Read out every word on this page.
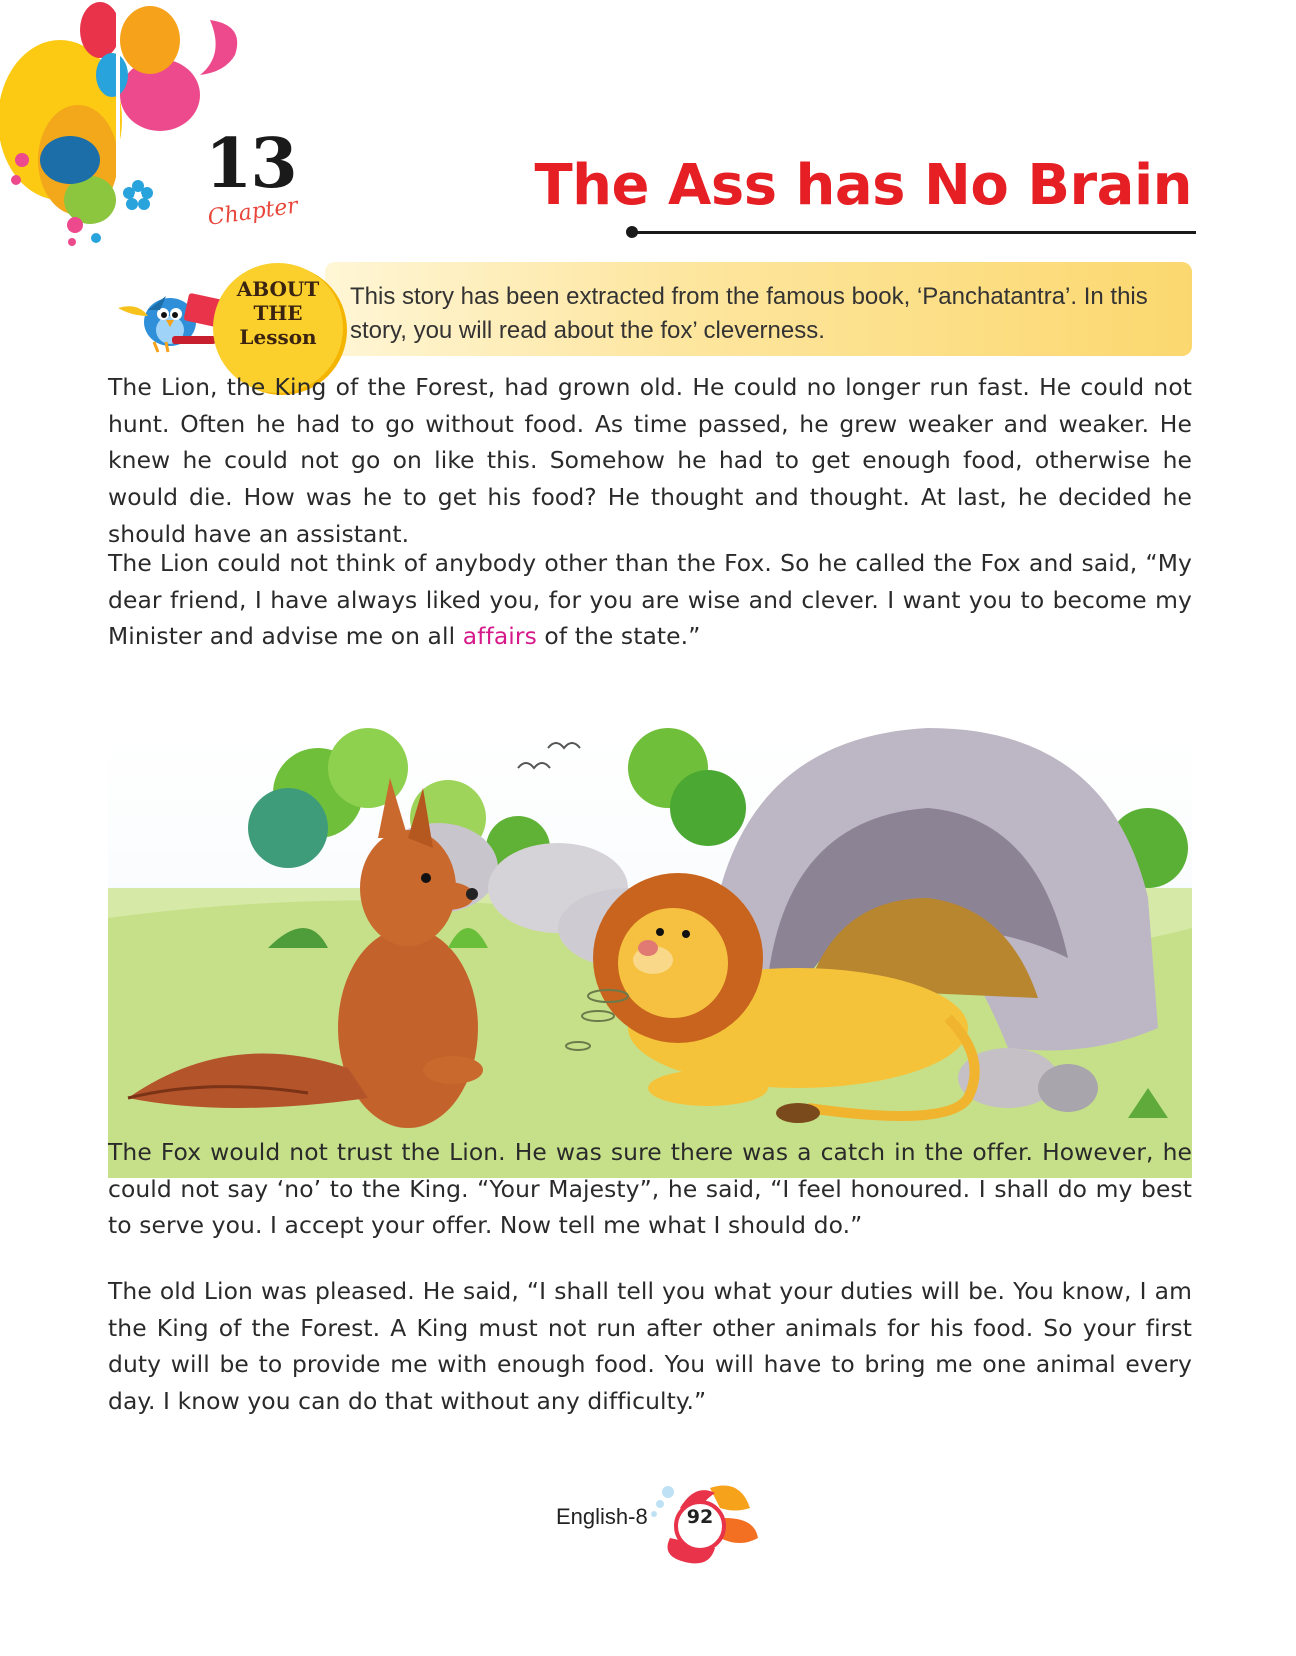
13
Chapter	The Ass has No Brain
ABOUT
THE
Lesson
This story has been extracted from the famous book, ‘Panchatantra’. In this story, you will read about the fox’ cleverness.
The Lion, the King of the Forest, had grown old. He could no longer run fast. He could not hunt. Often he had to go without food. As time passed, he grew weaker and weaker. He knew he could not go on like this. Somehow he had to get enough food, otherwise he would die. How was he to get his food? He thought and thought. At last, he decided he should have an assistant.
The Lion could not think of anybody other than the Fox. So he called the Fox and said, “My dear friend, I have always liked you, for you are wise and clever. I want you to become my Minister and advise me on all affairs of the state.”
The Fox would not trust the Lion. He was sure there was a catch in the offer. However, he could not say ‘no’ to the King. “Your Majesty”, he said, “I feel honoured. I shall do my best to serve you. I accept your offer. Now tell me what I should do.”
The old Lion was pleased. He said, “I shall tell you what your duties will be. You know, I am the King of the Forest. A King must not run after other animals for his food. So your first duty will be to provide me with enough food. You will have to bring me one animal every day. I know you can do that without any difficulty.”
English-8	92
